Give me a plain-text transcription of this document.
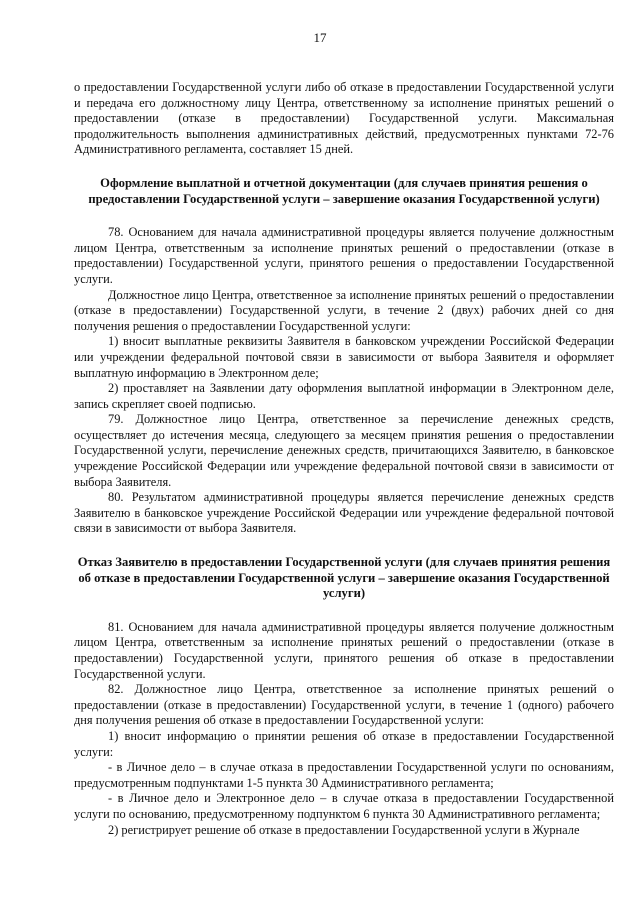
17

о предоставлении Государственной услуги либо об отказе в предоставлении Государственной услуги и передача его должностному лицу Центра, ответственному за исполнение принятых решений о предоставлении (отказе в предоставлении) Государственной услуги. Максимальная продолжительность выполнения административных действий, предусмотренных пунктами 72-76 Административного регламента, составляет 15 дней.

Оформление выплатной и отчетной документации (для случаев принятия решения о предоставлении Государственной услуги – завершение оказания Государственной услуги)

78. Основанием для начала административной процедуры является получение должностным лицом Центра, ответственным за исполнение принятых решений о предоставлении (отказе в предоставлении) Государственной услуги, принятого решения о предоставлении Государственной услуги.

Должностное лицо Центра, ответственное за исполнение принятых решений о предоставлении (отказе в предоставлении) Государственной услуги, в течение 2 (двух) рабочих дней со дня получения решения о предоставлении Государственной услуги:

1) вносит выплатные реквизиты Заявителя в банковском учреждении Российской Федерации или учреждении федеральной почтовой связи в зависимости от выбора Заявителя и оформляет выплатную информацию в Электронном деле;

2) проставляет на Заявлении дату оформления выплатной информации в Электронном деле, запись скрепляет своей подписью.

79. Должностное лицо Центра, ответственное за перечисление денежных средств, осуществляет до истечения месяца, следующего за месяцем принятия решения о предоставлении Государственной услуги, перечисление денежных средств, причитающихся Заявителю, в банковское учреждение Российской Федерации или учреждение федеральной почтовой связи в зависимости от выбора Заявителя.

80. Результатом административной процедуры является перечисление денежных средств Заявителю в банковское учреждение Российской Федерации или учреждение федеральной почтовой связи в зависимости от выбора Заявителя.

Отказ Заявителю в предоставлении Государственной услуги (для случаев принятия решения об отказе в предоставлении Государственной услуги – завершение оказания Государственной услуги)

81. Основанием для начала административной процедуры является получение должностным лицом Центра, ответственным за исполнение принятых решений о предоставлении (отказе в предоставлении) Государственной услуги, принятого решения об отказе в предоставлении Государственной услуги.

82. Должностное лицо Центра, ответственное за исполнение принятых решений о предоставлении (отказе в предоставлении) Государственной услуги, в течение 1 (одного) рабочего дня получения решения об отказе в предоставлении Государственной услуги:

1) вносит информацию о принятии решения об отказе в предоставлении Государственной услуги:

- в Личное дело – в случае отказа в предоставлении Государственной услуги по основаниям, предусмотренным подпунктами 1-5 пункта 30 Административного регламента;

- в Личное дело и Электронное дело – в случае отказа в предоставлении Государственной услуги по основанию, предусмотренному подпунктом 6 пункта 30 Административного регламента;

2) регистрирует решение об отказе в предоставлении Государственной услуги в Журнале
